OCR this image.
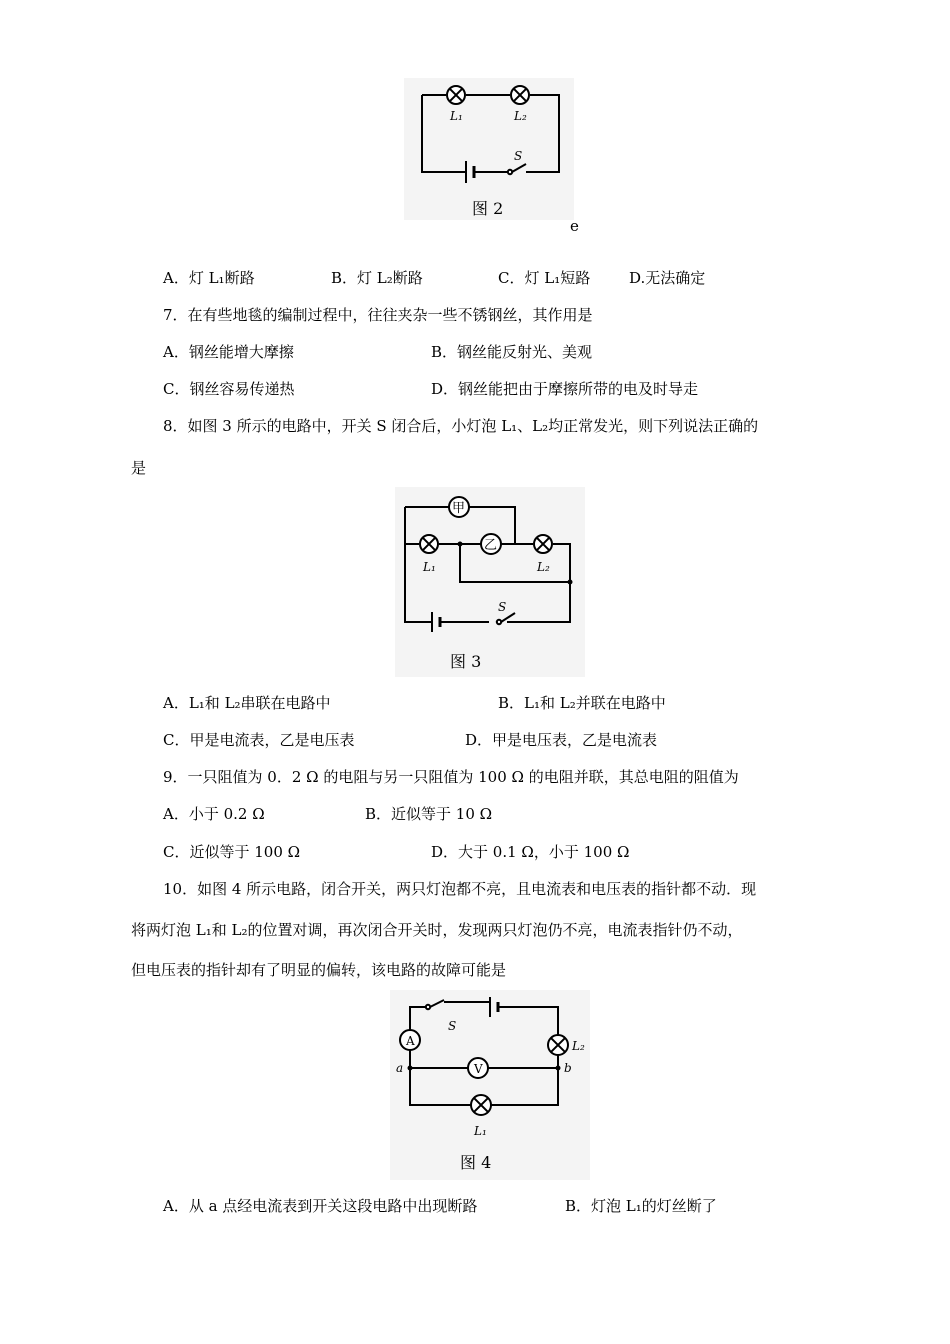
L₁	L₂
S
图 2
e
A．灯 L₁断路	B．灯 L₂断路	C．灯 L₁短路	D.无法确定
7．在有些地毯的编制过程中，往往夹杂一些不锈钢丝，其作用是
A．钢丝能增大摩擦	B．钢丝能反射光、美观
C．钢丝容易传递热	D．钢丝能把由于摩擦所带的电及时导走
8．如图 3 所示的电路中，开关 S 闭合后，小灯泡 L₁、L₂均正常发光，则下列说法正确的
是
甲
乙
L₁	L₂
S
图 3
A．L₁和 L₂串联在电路中	B．L₁和 L₂并联在电路中
C．甲是电流表，乙是电压表	D．甲是电压表，乙是电流表
9．一只阻值为 0．2 Ω 的电阻与另一只阻值为 100 Ω 的电阻并联，其总电阻的阻值为
A．小于 0.2 Ω	B．近似等于 10 Ω
C．近似等于 100 Ω	D．大于 0.1 Ω，小于 100 Ω
10．如图 4 所示电路，闭合开关，两只灯泡都不亮，且电流表和电压表的指针都不动．现
将两灯泡 L₁和 L₂的位置对调，再次闭合开关时，发现两只灯泡仍不亮，电流表指针仍不动，
但电压表的指针却有了明显的偏转，该电路的故障可能是
A
V
S
L₂
a	b
L₁
图 4
A．从 a 点经电流表到开关这段电路中出现断路	B．灯泡 L₁的灯丝断了
